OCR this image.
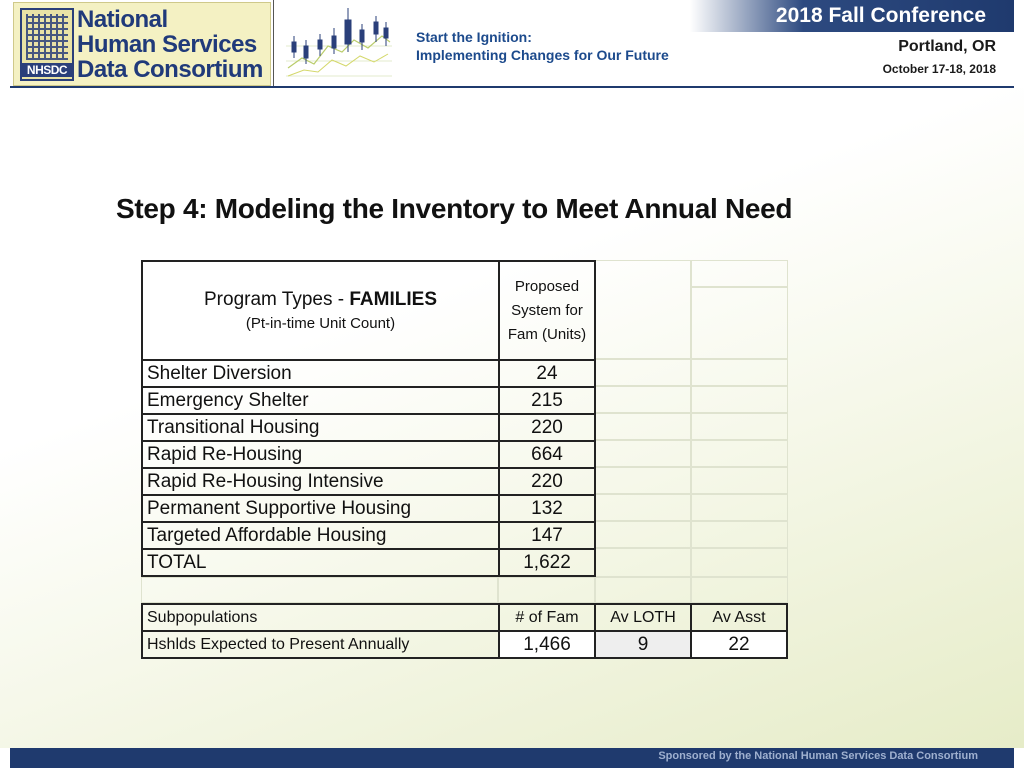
NHSDC
National
Human Services
Data Consortium
Start the Ignition:
Implementing Changes for Our Future
2018 Fall Conference
Portland, OR
October 17-18, 2018
Step 4: Modeling the Inventory to Meet Annual Need
Program Types - FAMILIES
(Pt-in-time Unit Count)
Proposed
System for
Fam (Units)
Shelter Diversion	24
Emergency Shelter	215
Transitional Housing	220
Rapid Re-Housing	664
Rapid Re-Housing Intensive	220
Permanent Supportive Housing	132
Targeted Affordable Housing	147
TOTAL	1,622
Subpopulations	# of Fam	Av LOTH	Av Asst
Hshlds Expected to Present Annually	1,466	9	22
Sponsored by the National Human Services Data Consortium
